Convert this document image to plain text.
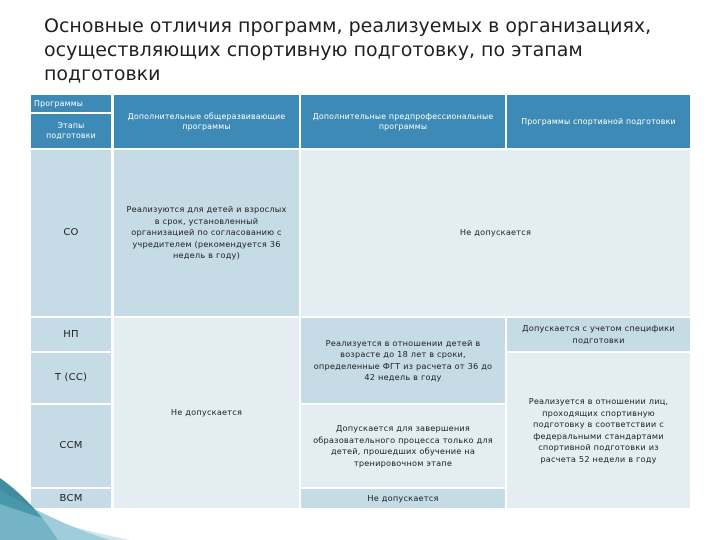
Основные отличия программ, реализуемых в организациях, осуществляющих спортивную подготовку, по этапам подготовки
Программы
Этапы подготовки
Дополнительные общеразвивающие программы
Дополнительные предпрофессиональные программы
Программы спортивной подготовки
СО
НП
Т (СС)
ССМ
ВСМ
Реализуются для детей и взрослых в срок, установленный организацией по согласованию с учредителем (рекомендуется 36 недель в году)
Не допускается
Не допускается
Реализуется в отношении детей в возрасте до 18 лет в сроки, определенные ФГТ из расчета от 36 до 42 недель в году
Допускается для завершения образовательного процесса только для детей, прошедших обучение на тренировочном этапе
Не допускается
Допускается с учетом специфики подготовки
Реализуется в отношении лиц, проходящих спортивную подготовку в соответствии с федеральными стандартами спортивной подготовки из расчета 52 недели в году
